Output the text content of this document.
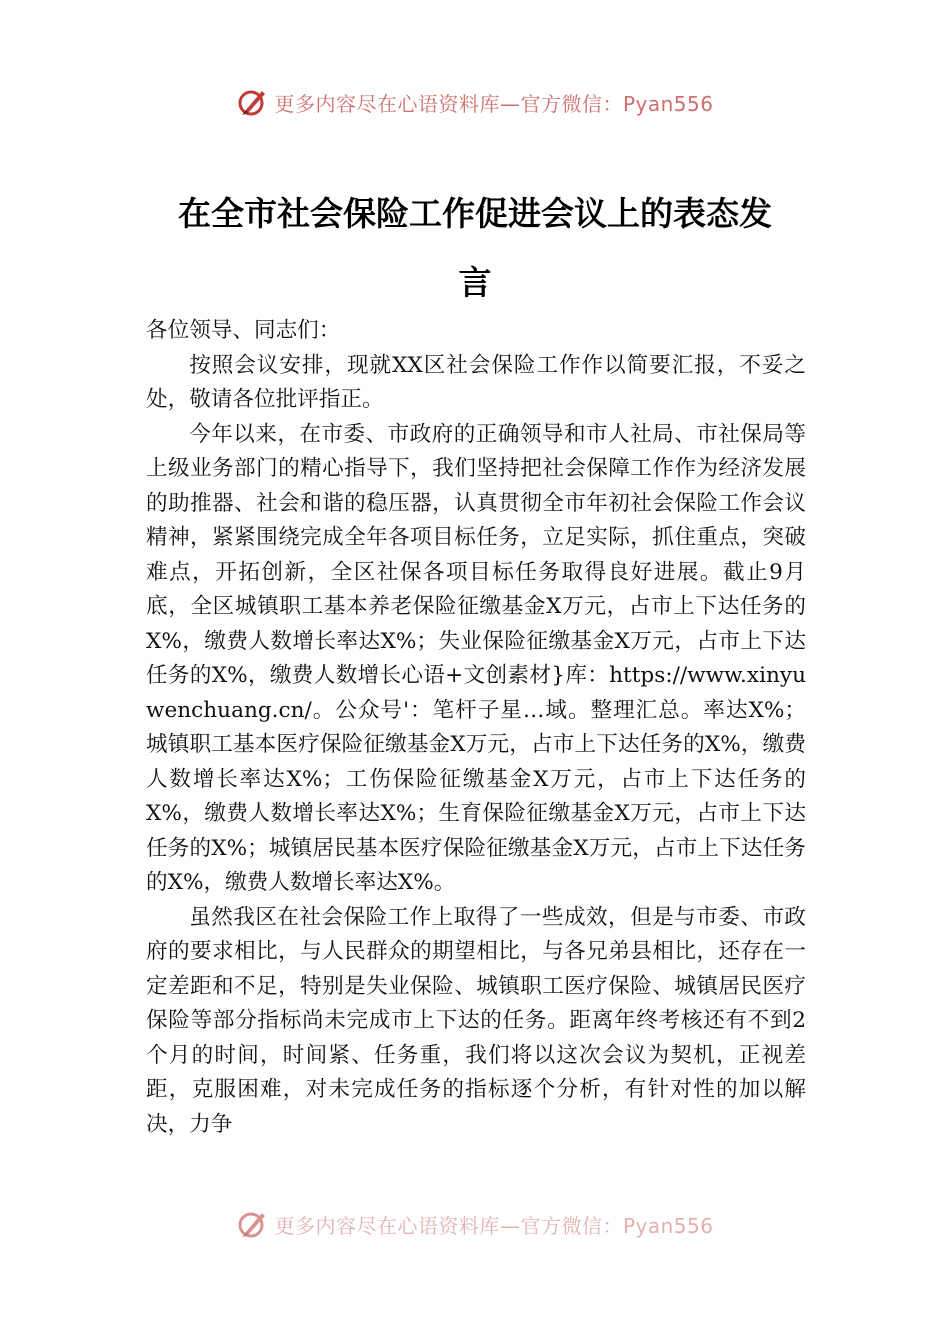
更多内容尽在心语资料库—官方微信：Pyan556
在全市社会保险工作促进会议上的表态发
言

各位领导、同志们：

按照会议安排，现就XX区社会保险工作作以简要汇报，不妥之处，敬请各位批评指正。

今年以来，在市委、市政府的正确领导和市人社局、市社保局等上级业务部门的精心指导下，我们坚持把社会保障工作作为经济发展的助推器、社会和谐的稳压器，认真贯彻全市年初社会保险工作会议精神，紧紧围绕完成全年各项目标任务，立足实际，抓住重点，突破难点，开拓创新，全区社保各项目标任务取得良好进展。截止9月底，全区城镇职工基本养老保险征缴基金X万元，占市上下达任务的X%，缴费人数增长率达X%；失业保险征缴基金X万元，占市上下达任务的X%，缴费人数增长心语+文创素材}库：https://www.xinyuwenchuang.cn/。公众号'：笔杆子星…域。整理汇总。率达X%；城镇职工基本医疗保险征缴基金X万元，占市上下达任务的X%，缴费人数增长率达X%；工伤保险征缴基金X万元，占市上下达任务的X%，缴费人数增长率达X%；生育保险征缴基金X万元，占市上下达任务的X%；城镇居民基本医疗保险征缴基金X万元，占市上下达任务的X%，缴费人数增长率达X%。

虽然我区在社会保险工作上取得了一些成效，但是与市委、市政府的要求相比，与人民群众的期望相比，与各兄弟县相比，还存在一定差距和不足，特别是失业保险、城镇职工医疗保险、城镇居民医疗保险等部分指标尚未完成市上下达的任务。距离年终考核还有不到2个月的时间，时间紧、任务重，我们将以这次会议为契机，正视差距，克服困难，对未完成任务的指标逐个分析，有针对性的加以解决，力争

更多内容尽在心语资料库—官方微信：Pyan556
